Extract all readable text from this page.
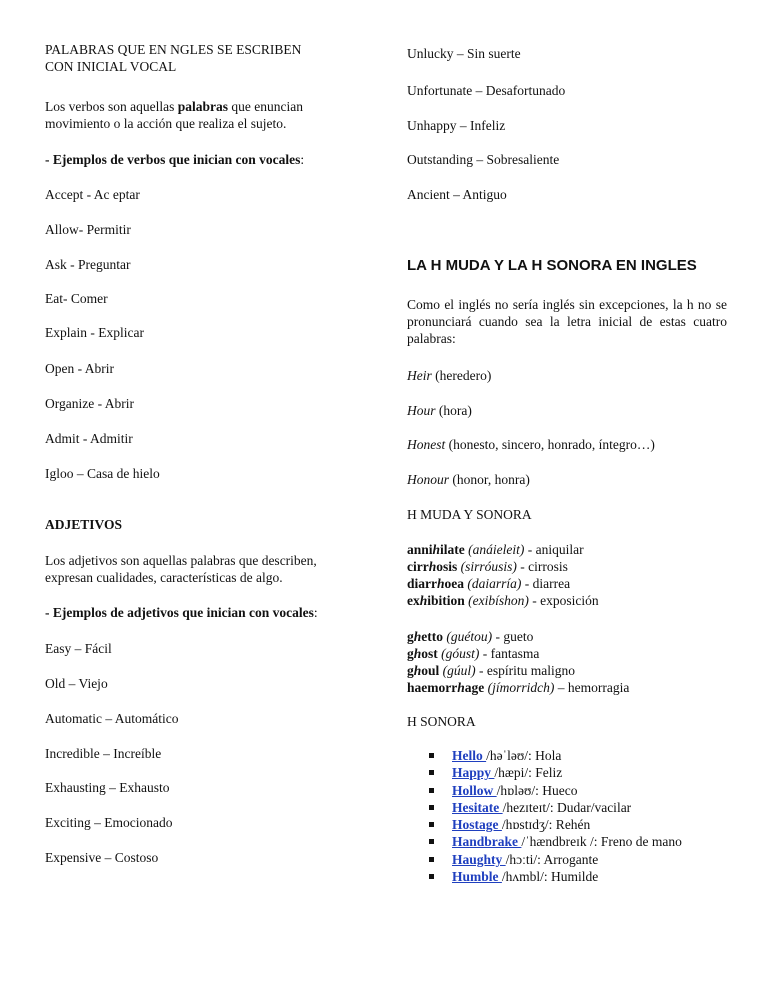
PALABRAS QUE EN NGLES SE ESCRIBEN
CON INICIAL VOCAL
Los verbos son aquellas palabras que enuncian
movimiento o la acción que realiza el sujeto.
- Ejemplos de verbos que inician con vocales:
Accept - Ac eptar
Allow- Permitir
Ask - Preguntar
Eat- Comer
Explain - Explicar
Open - Abrir
Organize - Abrir
Admit - Admitir
Igloo – Casa de hielo
ADJETIVOS
Los adjetivos son aquellas palabras que describen,
expresan cualidades, características de algo.
- Ejemplos de adjetivos que inician con vocales:
Easy – Fácil
Old – Viejo
Automatic – Automático
Incredible – Increíble
Exhausting – Exhausto
Exciting – Emocionado
Expensive – Costoso
Unlucky – Sin suerte
Unfortunate – Desafortunado
Unhappy – Infeliz
Outstanding – Sobresaliente
Ancient – Antiguo
LA H MUDA Y LA H SONORA EN INGLES
Como el inglés no sería inglés sin excepciones, la h no se pronunciará cuando sea la letra inicial de estas cuatro palabras:
Heir (heredero)
Hour (hora)
Honest (honesto, sincero, honrado, íntegro…)
Honour (honor, honra)
H MUDA Y SONORA
annihilate (anáieleit) - aniquilar
cirrhosis (sirróusis) - cirrosis
diarrhoea (daiarría) - diarrea
exhibition (exibíshon) - exposición
ghetto (guétou) - gueto
ghost (góust) - fantasma
ghoul (gúul) - espíritu maligno
haemorrhage (jímorridch) – hemorragia
H SONORA
Hello /həˈləʊ/: Hola
Happy /hæpi/: Feliz
Hollow /hɒləʊ/: Hueco
Hesitate /hezɪteɪt/: Dudar/vacilar
Hostage /hɒstɪdʒ/: Rehén
Handbrake /ˈhændbreɪk /: Freno de mano
Haughty /hɔːti/: Arrogante
Humble /hʌmbl/: Humilde
